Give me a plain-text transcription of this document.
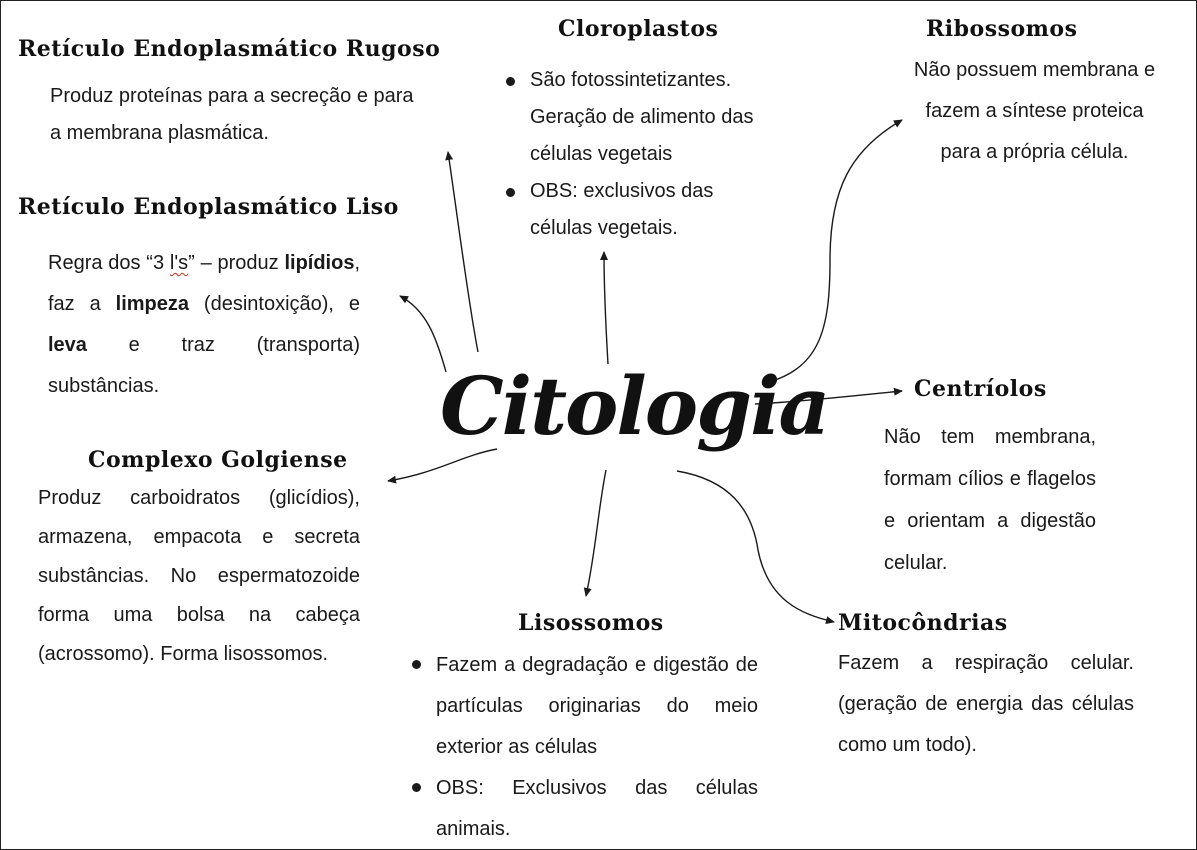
Citologia
Retículo Endoplasmático Rugoso
Produz proteínas para a secreção e para a membrana plasmática.
Retículo Endoplasmático Liso
Regra dos “3 l's” – produz lipídios, faz a limpeza (desintoxição), e leva e traz (transporta) substâncias.
Complexo Golgiense
Produz carboidratos (glicídios), armazena, empacota e secreta substâncias. No espermatozoide forma uma bolsa na cabeça (acrossomo). Forma lisossomos.
Cloroplastos
São fotossintetizantes. Geração de alimento das células vegetais
OBS: exclusivos das células vegetais.
Ribossomos
Não possuem membrana e fazem a síntese proteica para a própria célula.
Centríolos
Não tem membrana, formam cílios e flagelos e orientam a digestão celular.
Lisossomos
Fazem a degradação e digestão de partículas originarias do meio exterior as células
OBS: Exclusivos das células animais.
Mitocôndrias
Fazem a respiração celular. (geração de energia das células como um todo).
